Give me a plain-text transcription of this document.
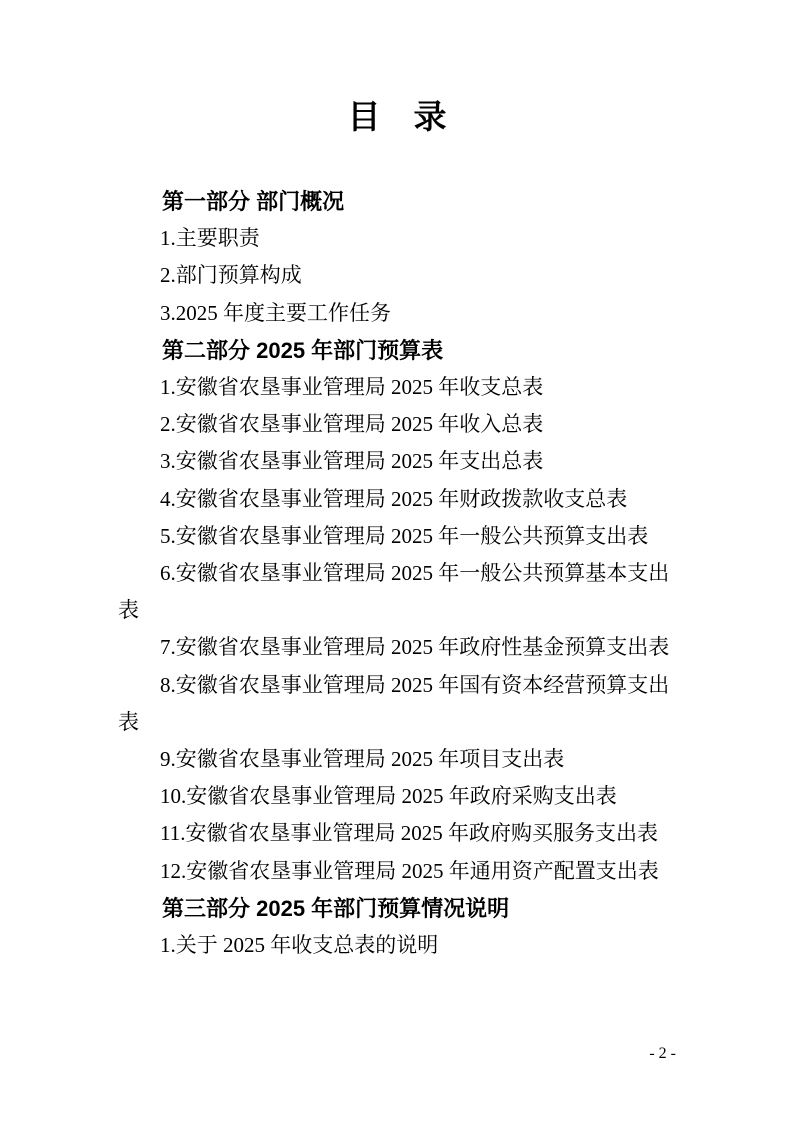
目　录

第一部分 部门概况

1.主要职责

2.部门预算构成

3.2025 年度主要工作任务

第二部分 2025 年部门预算表

1.安徽省农垦事业管理局 2025 年收支总表

2.安徽省农垦事业管理局 2025 年收入总表

3.安徽省农垦事业管理局 2025 年支出总表

4.安徽省农垦事业管理局 2025 年财政拨款收支总表

5.安徽省农垦事业管理局 2025 年一般公共预算支出表

6.安徽省农垦事业管理局 2025 年一般公共预算基本支出表

7.安徽省农垦事业管理局 2025 年政府性基金预算支出表

8.安徽省农垦事业管理局 2025 年国有资本经营预算支出表

9.安徽省农垦事业管理局 2025 年项目支出表

10.安徽省农垦事业管理局 2025 年政府采购支出表

11.安徽省农垦事业管理局 2025 年政府购买服务支出表

12.安徽省农垦事业管理局 2025 年通用资产配置支出表

第三部分 2025 年部门预算情况说明

1.关于 2025 年收支总表的说明

- 2 -
